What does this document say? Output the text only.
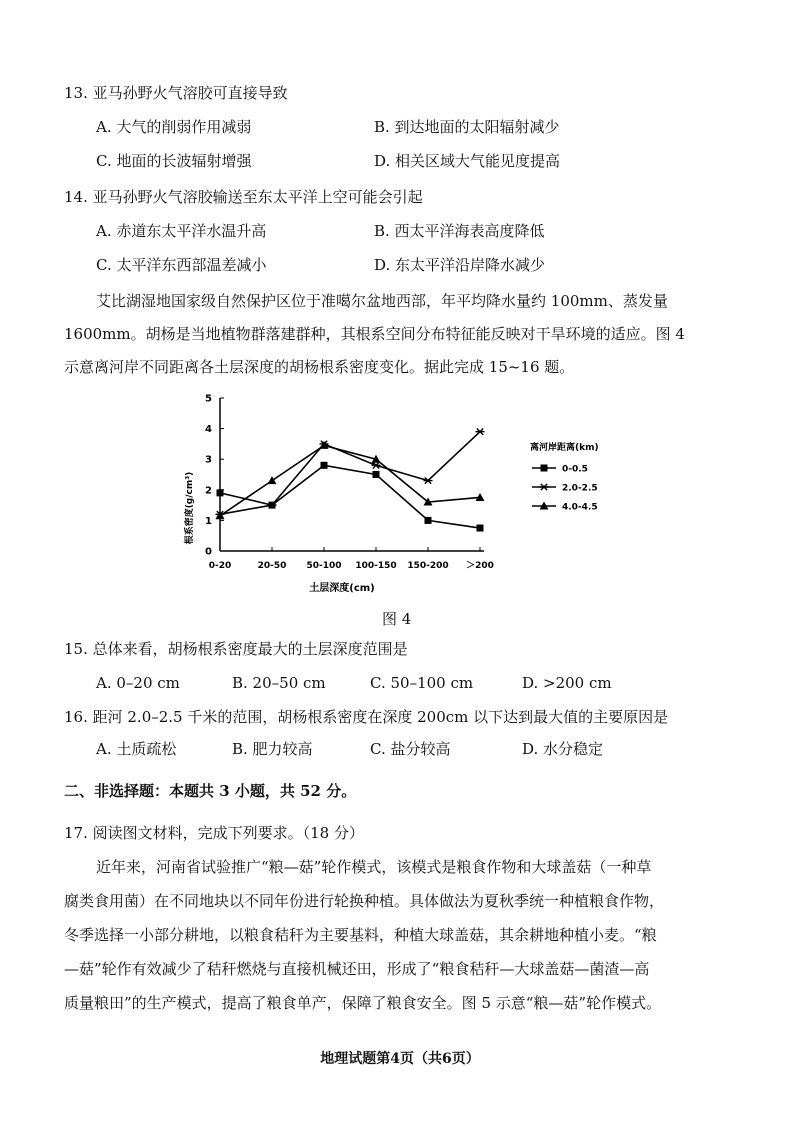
13. 亚马孙野火气溶胶可直接导致
A. 大气的削弱作用减弱	B. 到达地面的太阳辐射减少
C. 地面的长波辐射增强	D. 相关区域大气能见度提高
14. 亚马孙野火气溶胶输送至东太平洋上空可能会引起
A. 赤道东太平洋水温升高	B. 西太平洋海表高度降低
C. 太平洋东西部温差减小	D. 东太平洋沿岸降水减少
艾比湖湿地国家级自然保护区位于准噶尔盆地西部，年平均降水量约 100mm、蒸发量
1600mm。胡杨是当地植物群落建群种，其根系空间分布特征能反映对干旱环境的适应。图 4
示意离河岸不同距离各土层深度的胡杨根系密度变化。据此完成 15~16 题。
0
1
2
3
4
5
0-20	20-50 50-100 100-150 150-200 ＞200
0-0.5
2.0-2.5
4.0-4.5
根系密度(g/cm³)
土层深度(cm)
离河岸距离(km)
图 4
15. 总体来看，胡杨根系密度最大的土层深度范围是
A. 0–20 cm	B. 20–50 cm	C. 50–100 cm	D. >200 cm
16. 距河 2.0–2.5 千米的范围，胡杨根系密度在深度 200cm 以下达到最大值的主要原因是
A. 土质疏松	B. 肥力较高	C. 盐分较高	D. 水分稳定
二、非选择题：本题共 3 小题，共 52 分。
17. 阅读图文材料，完成下列要求。（18 分）
近年来，河南省试验推广“粮—菇”轮作模式，该模式是粮食作物和大球盖菇（一种草
腐类食用菌）在不同地块以不同年份进行轮换种植。具体做法为夏秋季统一种植粮食作物，
冬季选择一小部分耕地，以粮食秸秆为主要基料，种植大球盖菇，其余耕地种植小麦。“粮
—菇”轮作有效减少了秸秆燃烧与直接机械还田，形成了“粮食秸秆—大球盖菇—菌渣—高
质量粮田”的生产模式，提高了粮食单产，保障了粮食安全。图 5 示意“粮—菇”轮作模式。
地理试题第4页（共6页）
